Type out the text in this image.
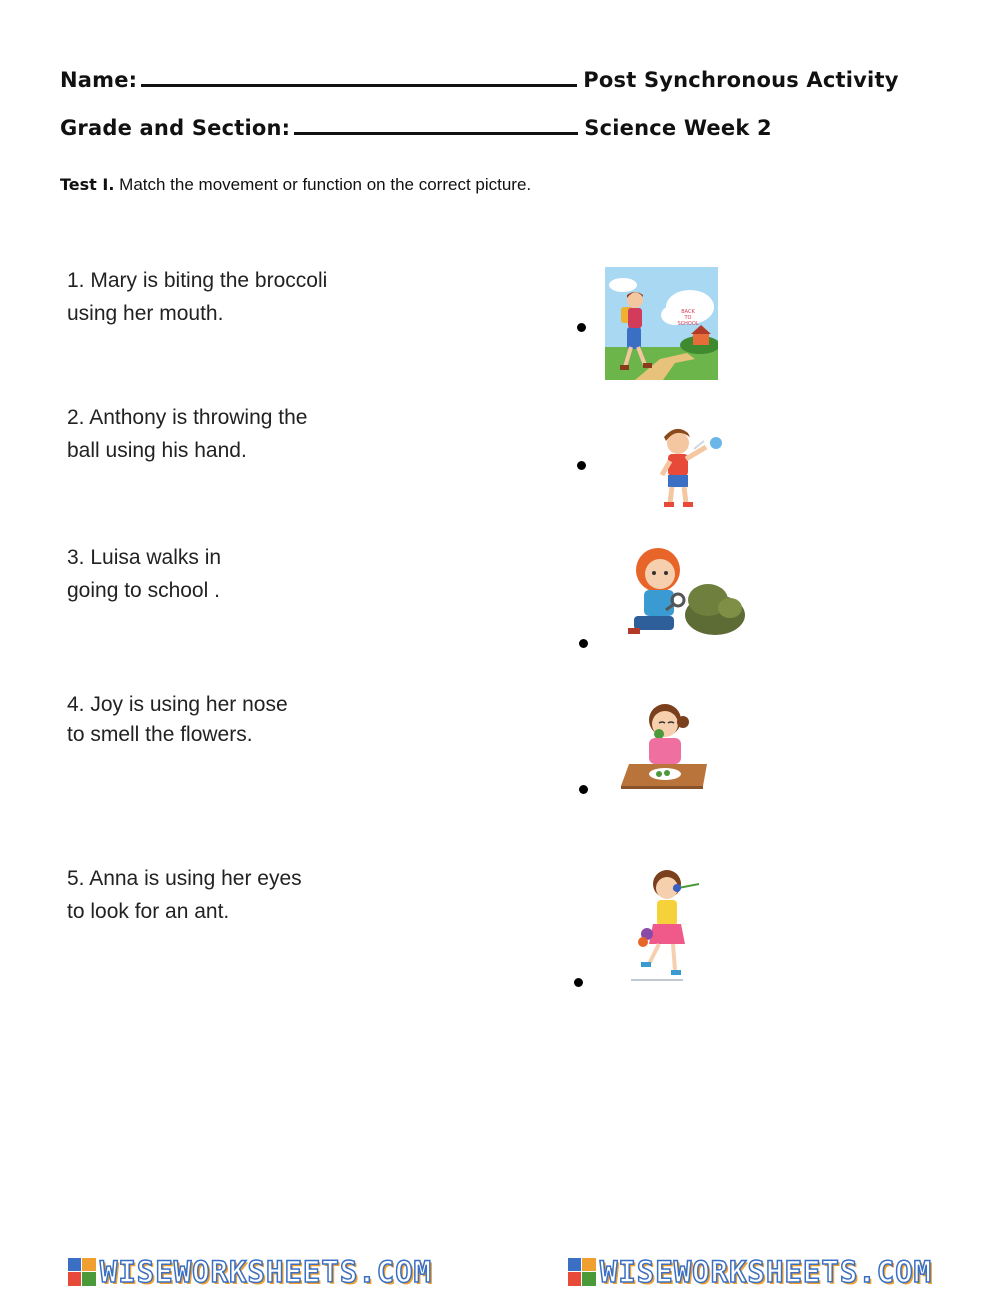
Name:	Post Synchronous Activity
Grade and Section:	Science Week 2
Test I. Match the movement or function on the correct picture.
1. Mary is biting the broccoli
using her mouth.
2. Anthony is throwing the
ball using his hand.
3. Luisa walks in
going to school .
4. Joy is using her nose
to smell the flowers.
5. Anna is using her eyes
to look for an ant.
BACK
TO
SCHOOL
WISEWORKSHEETS.COM	WISEWORKSHEETS.COM
